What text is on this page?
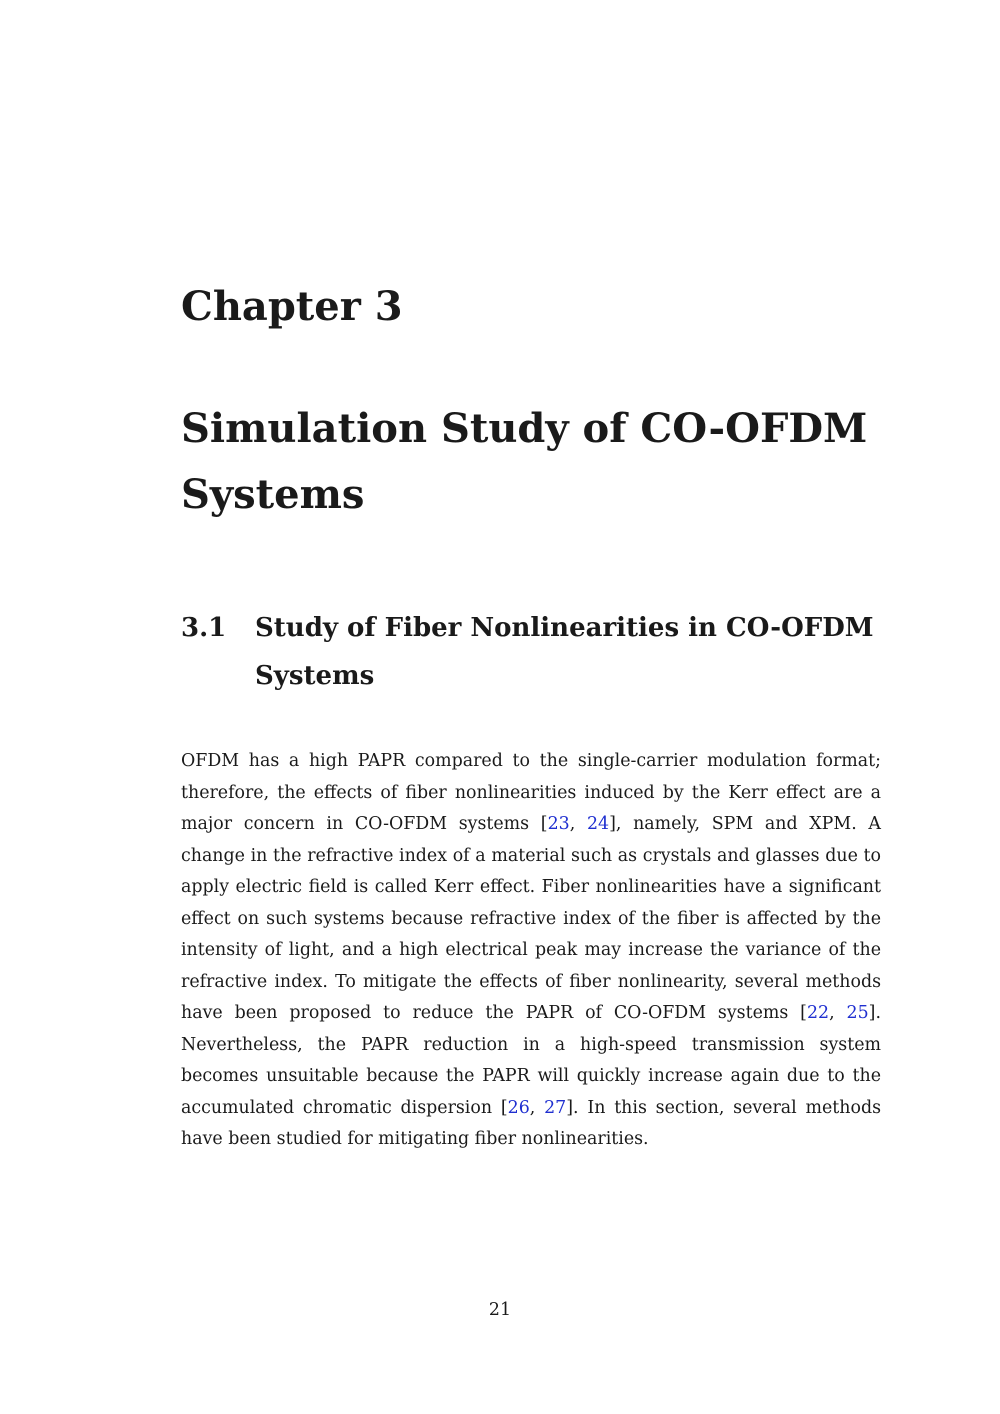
Chapter 3
Simulation Study of CO-OFDM Systems
3.1	Study of Fiber Nonlinearities in CO-OFDM Systems

OFDM has a high PAPR compared to the single-carrier modulation format; therefore, the effects of fiber nonlinearities induced by the Kerr effect are a major concern in CO-OFDM systems [23, 24], namely, SPM and XPM. A change in the refractive index of a material such as crystals and glasses due to apply electric field is called Kerr effect. Fiber nonlinearities have a significant effect on such systems because refractive index of the fiber is affected by the intensity of light, and a high electrical peak may increase the variance of the refractive index. To mitigate the effects of fiber nonlinearity, several methods have been proposed to reduce the PAPR of CO-OFDM systems [22, 25]. Nevertheless, the PAPR reduction in a high-speed transmission system becomes unsuitable because the PAPR will quickly increase again due to the accumulated chromatic dispersion [26, 27]. In this section, several methods have been studied for mitigating fiber nonlinearities.

21
